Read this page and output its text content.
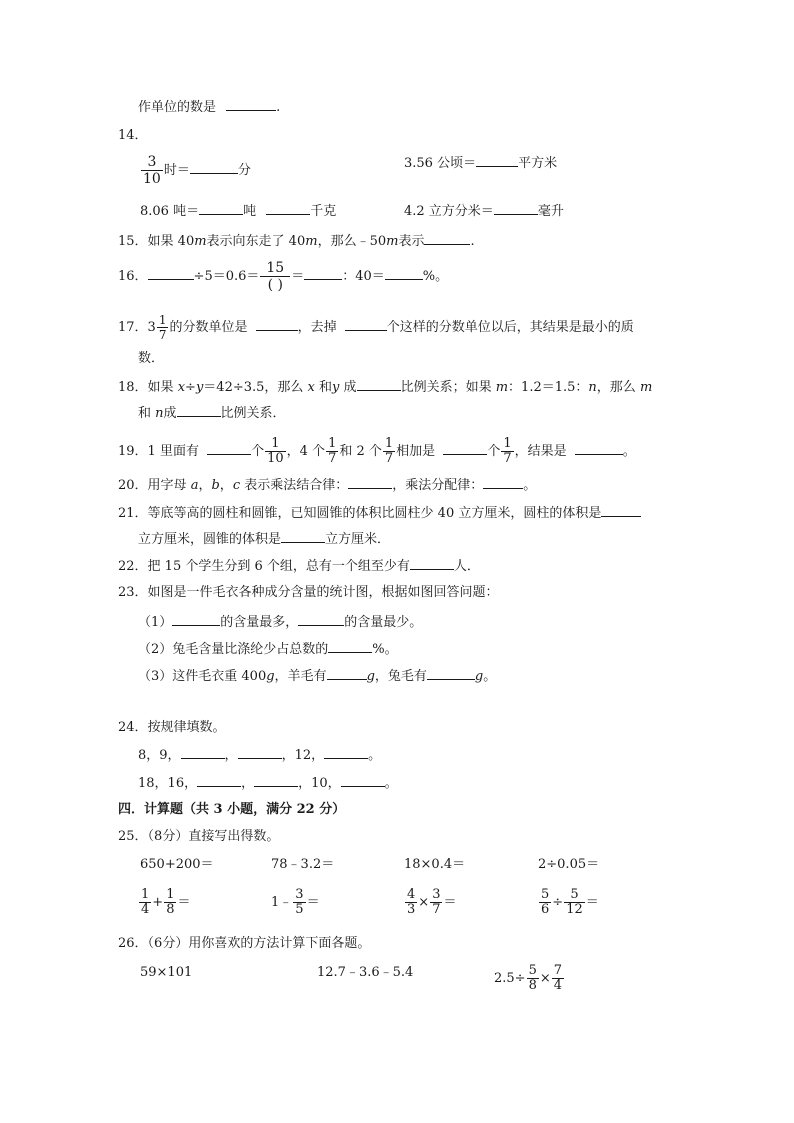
作单位的数是	.
14．
$\frac{3}{10}$ 时＝	分	3.56 公顷＝	平方米
8.06 吨＝	吨	千克	4.2 立方分米＝	毫升
15．如果 40m表示向东走了 40m，那么﹣50m表示	.
16．	$\div 5=0.6= \frac{15}{( )}$ ＝	：40＝	%。
17．$3 \frac{1}{7}$ 的分数单位是	，去掉	个这样的分数单位以后，其结果是最小的质
数．
18．如果 x÷y＝42÷3.5，那么 x 和y 成	比例关系；如果 m：1.2＝1.5：n，那么 m
和 n成	比例关系．
19．1 里面有	个 $\frac{1}{10}$ ，4 个 $\frac{1}{7}$ 和 2 个 $\frac{1}{7}$ 相加是	个 $\frac{1}{7}$ ，结果是	。
20．用字母 a，b，c 表示乘法结合律：	，乘法分配律：	。
21．等底等高的圆柱和圆锥，已知圆锥的体积比圆柱少 40 立方厘米，圆柱的体积是
立方厘米，圆锥的体积是	立方厘米．
22．把 15 个学生分到 6 个组，总有一个组至少有	人．
23．如图是一件毛衣各种成分含量的统计图，根据如图回答问题：
（1）	的含量最多，	的含量最少。
（2）兔毛含量比涤纶少占总数的	%。
（3）这件毛衣重 400g，羊毛有	g，兔毛有	g。
24．按规律填数。
8，9，	，	，12，	。
18，16，	，	，10，	。
四．计算题（共 3 小题，满分 22 分）
25．（8分）直接写出得数。
650+200＝	78﹣3.2＝	18×0.4＝	2÷0.05＝
$\frac{1}{4} + \frac{1}{8}$ ＝	1﹣ $\frac{3}{5}$ ＝	$\frac{4}{3} \times \frac{3}{7}$ ＝	$\frac{5}{6} \div \frac{5}{12}$ ＝
26．（6分）用你喜欢的方法计算下面各题。
59×101	12.7﹣3.6﹣5.4	$2.5\div \frac{5}{8} \times \frac{7}{4}$
